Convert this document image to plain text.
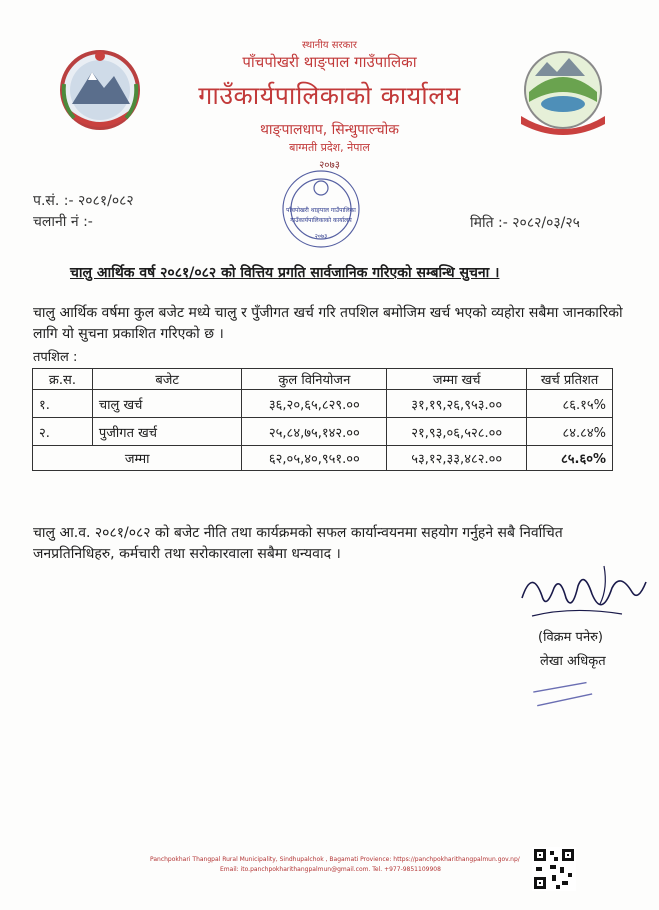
स्थानीय सरकार
पाँचपोखरी थाङ्पाल गाउँपालिका
गाउँकार्यपालिकाको कार्यालय
थाङ्पालधाप, सिन्धुपाल्चोक
बाग्मती प्रदेश, नेपाल
२०७३
पाँचपोखरी थाङ्पाल गाउँपालिका
गाउँकार्यपालिकाको कार्यालय
२०७३
प.सं. :- २०८१/०८२
चलानी नं :-	मिति :- २०८२/०३/२५
चालु आर्थिक वर्ष २०८१/०८२ को वित्तिय प्रगति सार्वजानिक गरिएको सम्बन्धि सुचना ।
चालु आर्थिक वर्षमा कुल बजेट मध्ये चालु र पुँजीगत खर्च गरि तपशिल बमोजिम खर्च भएको व्यहोरा सबैमा जानकारिको लागि यो सुचना प्रकाशित गरिएको छ ।
तपशिल :
क्र.स.	बजेट	कुल विनियोजन	जम्मा खर्च	खर्च प्रतिशत
१.	चालु खर्च	३६,२०,६५,८२९.००	३१,१९,२६,९५३.००	८६.१५%
२.	पुजीगत खर्च	२५,८४,७५,१४२.००	२१,९३,०६,५२८.००	८४.८४%
जम्मा		६२,०५,४०,९५१.००	५३,१२,३३,४८२.००	८५.६०%
चालु आ.व. २०८१/०८२ को बजेट नीति तथा कार्यक्रमको सफल कार्यान्वयनमा सहयोग गर्नुहने सबै निर्वाचित जनप्रतिनिधिहरु, कर्मचारी तथा सरोकारवाला सबैमा धन्यवाद ।
(विक्रम पनेरु)
लेखा अधिकृत
Panchpokhari Thangpal Rural Municipality, Sindhupalchok , Bagamati Provience: https://panchpokharithangpalmun.gov.np/
Email: ito.panchpokharithangpalmun@gmail.com. Tel. +977-9851109908
